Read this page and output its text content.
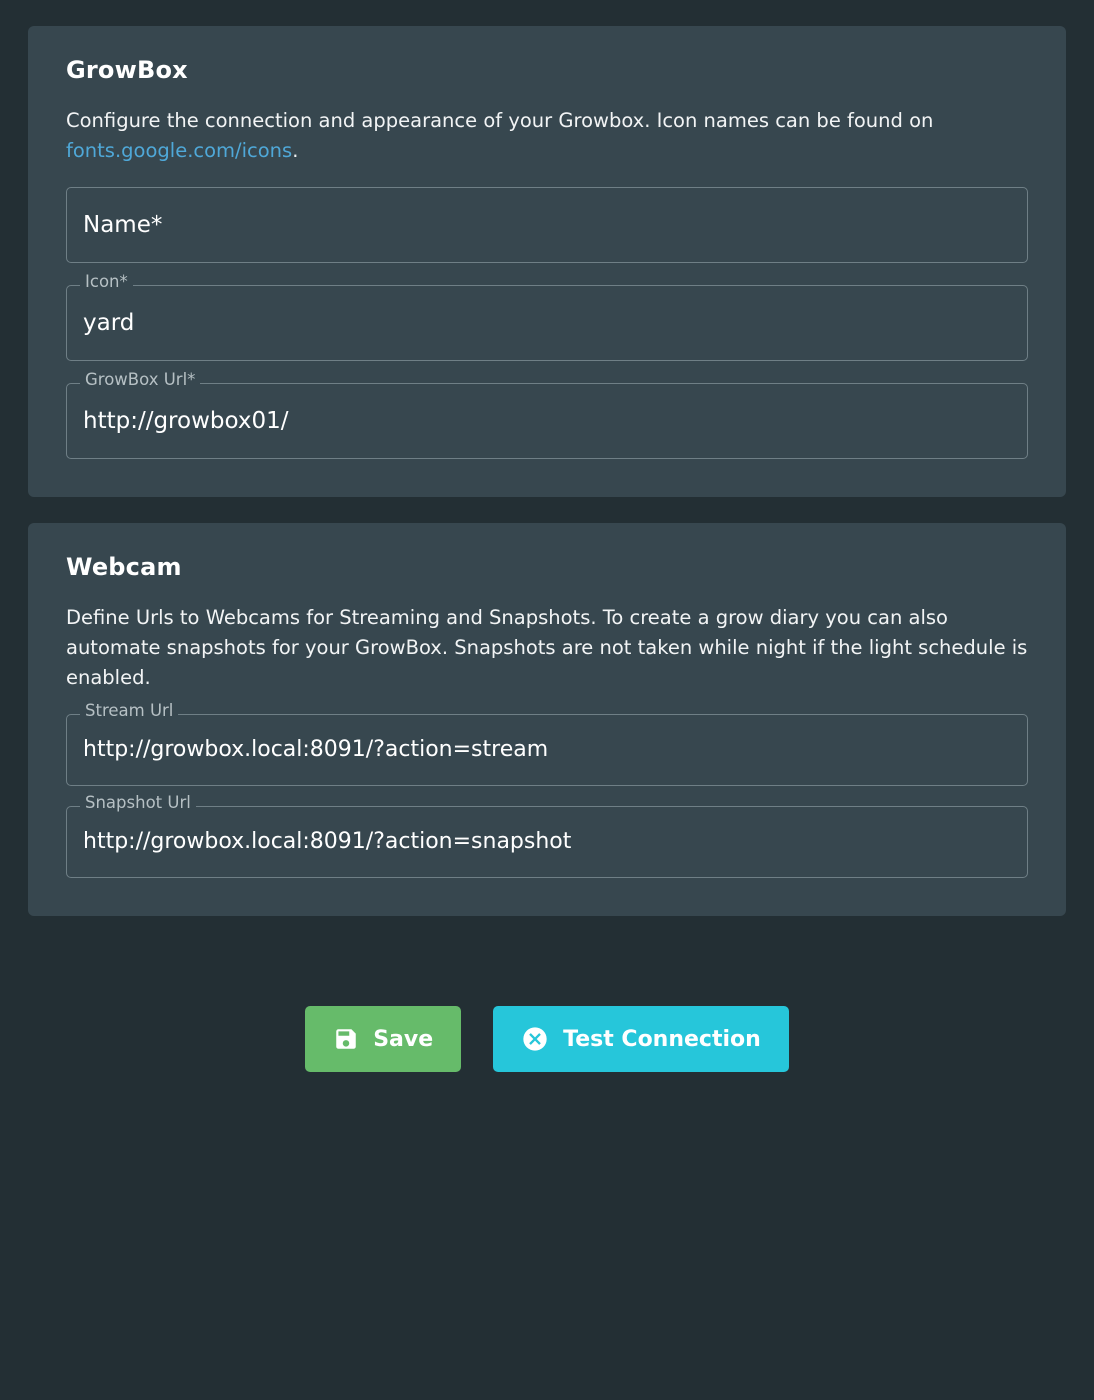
GrowBox

Configure the connection and appearance of your Growbox. Icon names can be found on fonts.google.com/icons.

Name*
Icon*
yard
GrowBox Url*
http://growbox01/
Webcam

Define Urls to Webcams for Streaming and Snapshots. To create a grow diary you can also automate snapshots for your GrowBox. Snapshots are not taken while night if the light schedule is enabled.

Stream Url
http://growbox.local:8091/?action=stream
Snapshot Url
http://growbox.local:8091/?action=snapshot
Save	Test Connection
